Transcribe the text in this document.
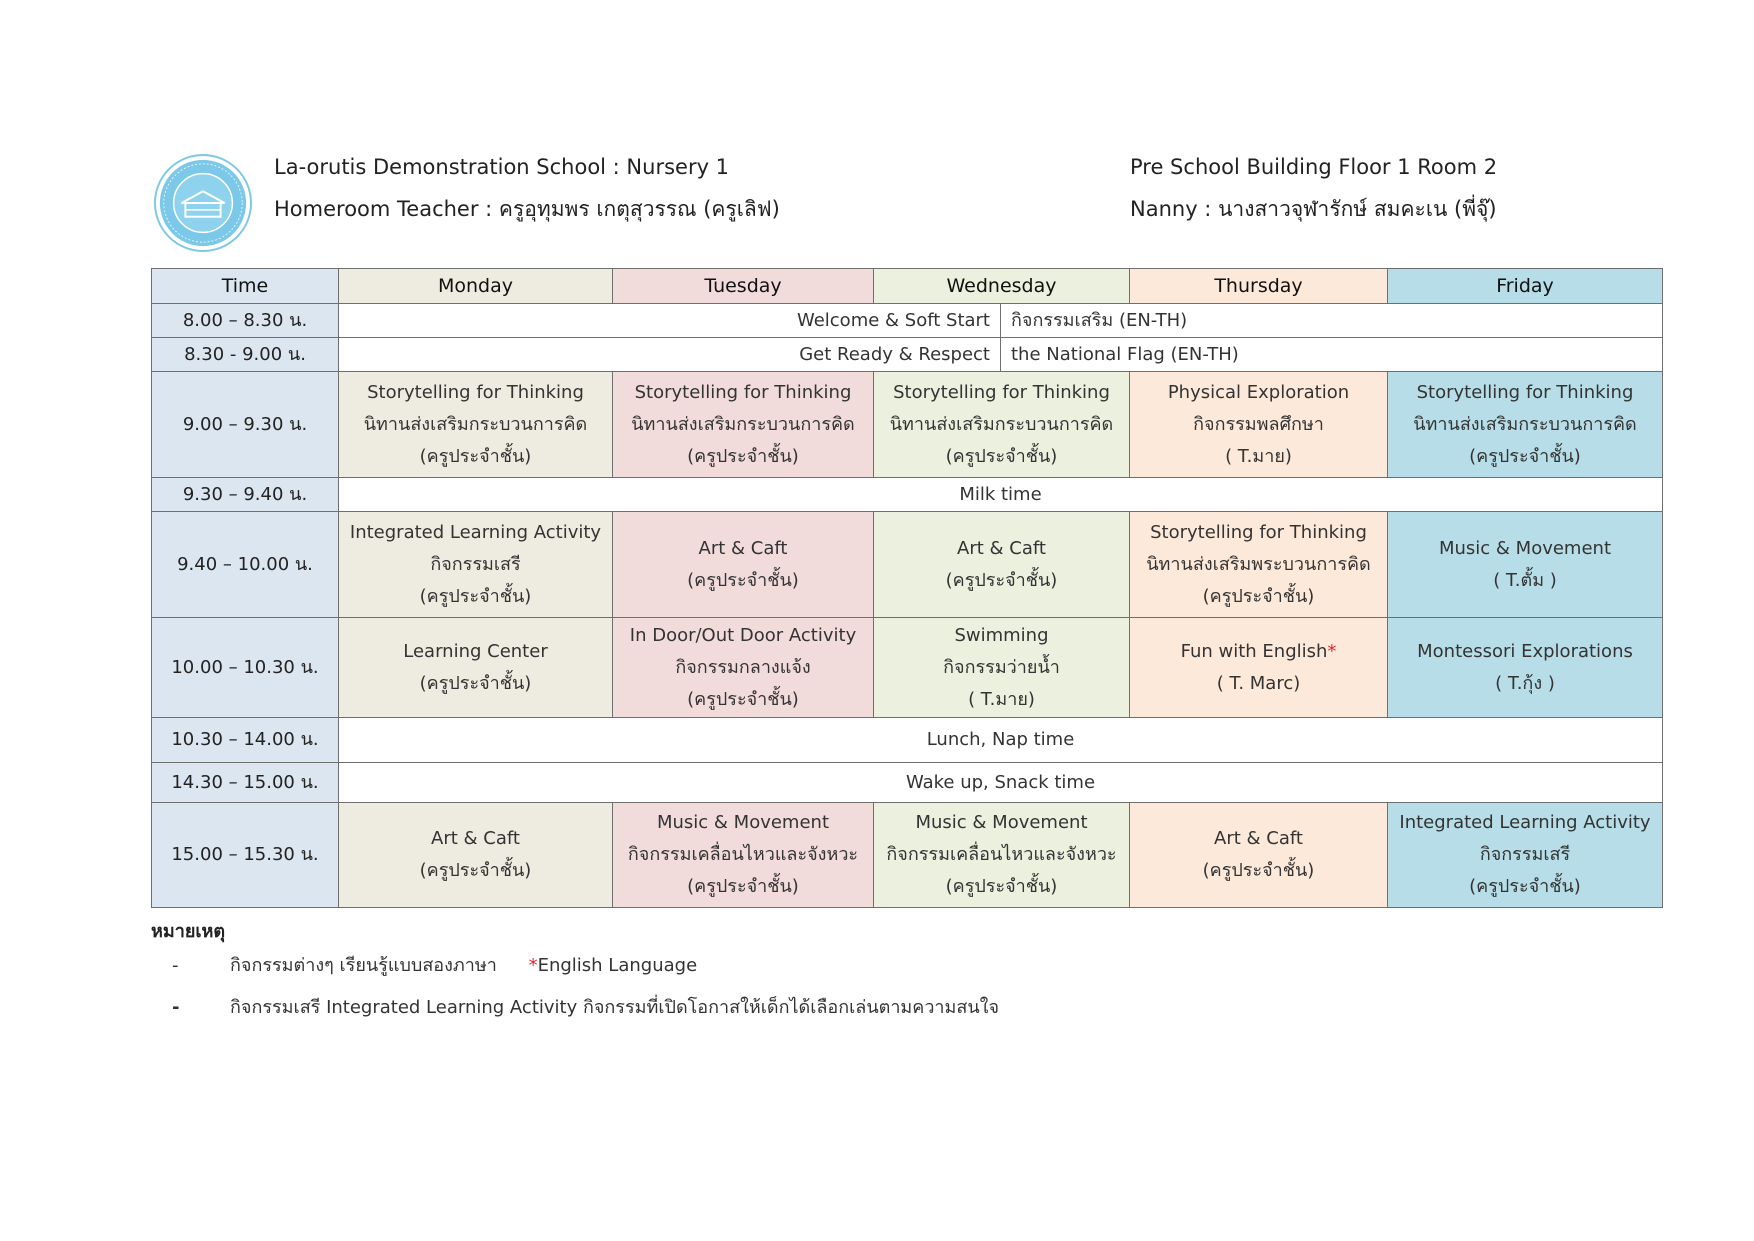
La-orutis Demonstration School : Nursery 1
Homeroom Teacher : ครูอุทุมพร เกตุสุวรรณ (ครูเลิฟ)
Pre School Building Floor 1 Room 2
Nanny : นางสาวจุฬารักษ์ สมคะเน (พี่จุ๊)
Time	Monday	Tuesday	Wednesday	Thursday	Friday
8.00 – 8.30 น.	Welcome & Soft Start กิจกรรมเสริม (EN-TH)				

8.30 - 9.00 น.	Get Ready & Respect the National Flag (EN-TH)				

9.00 – 9.30 น.	Storytelling for Thinking
นิทานส่งเสริมกระบวนการคิด
(ครูประจำชั้น)	Storytelling for Thinking
นิทานส่งเสริมกระบวนการคิด
(ครูประจำชั้น)	Storytelling for Thinking
นิทานส่งเสริมกระบวนการคิด
(ครูประจำชั้น)	Physical Exploration
กิจกรรมพลศึกษา
( T.มาย)	Storytelling for Thinking
นิทานส่งเสริมกระบวนการคิด
(ครูประจำชั้น)

9.30 – 9.40 น.	Milk time				
9.40 – 10.00 น.	Integrated Learning Activity
กิจกรรมเสรี
(ครูประจำชั้น)	Art & Caft
(ครูประจำชั้น)	Art & Caft
(ครูประจำชั้น)	Storytelling for Thinking
นิทานส่งเสริมพระบวนการคิด
(ครูประจำชั้น)	Music & Movement
( T.ตั้ม )

10.00 – 10.30 น.	Learning Center
(ครูประจำชั้น)	In Door/Out Door Activity
กิจกรรมกลางแจ้ง
(ครูประจำชั้น)	Swimming
กิจกรรมว่ายน้ำ
( T.มาย)	Fun with English*
( T. Marc)	Montessori Explorations
( T.กุ้ง )

10.30 – 14.00 น.	Lunch, Nap time				
14.30 – 15.00 น.	Wake up, Snack time				
15.00 – 15.30 น.	Art & Caft
(ครูประจำชั้น)	Music & Movement
กิจกรรมเคลื่อนไหวและจังหวะ
(ครูประจำชั้น)	Music & Movement
กิจกรรมเคลื่อนไหวและจังหวะ
(ครูประจำชั้น)	Art & Caft
(ครูประจำชั้น)	Integrated Learning Activity
กิจกรรมเสรี
(ครูประจำชั้น)
หมายเหตุ
-	กิจกรรมต่างๆ เรียนรู้แบบสองภาษา *English Language
-	กิจกรรมเสรี Integrated Learning Activity กิจกรรมที่เปิดโอกาสให้เด็กได้เลือกเล่นตามความสนใจ
